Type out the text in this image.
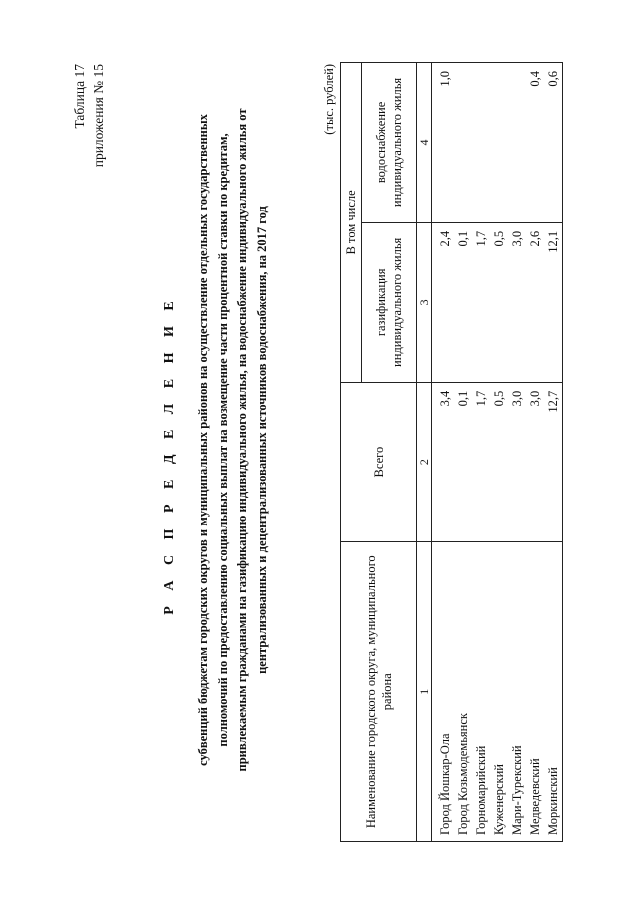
Таблица 17 приложения № 15
Р А С П Р Е Д Е Л Е Н И Е субвенций бюджетам городских округов и муниципальных районов на осуществление отдельных государственных полномочий по предоставлению социальных выплат на возмещение части процентной ставки по кредитам, привлекаемым гражданами на газификацию индивидуального жилья, на водоснабжение индивидуального жилья от централизованных и децентрализованных источников водоснабжения, на 2017 год
(тыс. рублей)
Наименование городского округа, муниципального района	Всего	В том числе	
		газификация индивидуального жилья	водоснабжение индивидуального жилья
1	2	3	4
Город Йошкар-Ола	3,4	2,4	1,0
Город Козьмодемьянск	0,1	0,1	
Горномарийский	1,7	1,7	
Куженерский	0,5	0,5	
Мари-Турекский	3,0	3,0	
Медведевский	3,0	2,6	0,4
Моркинский	12,7	12,1	0,6
